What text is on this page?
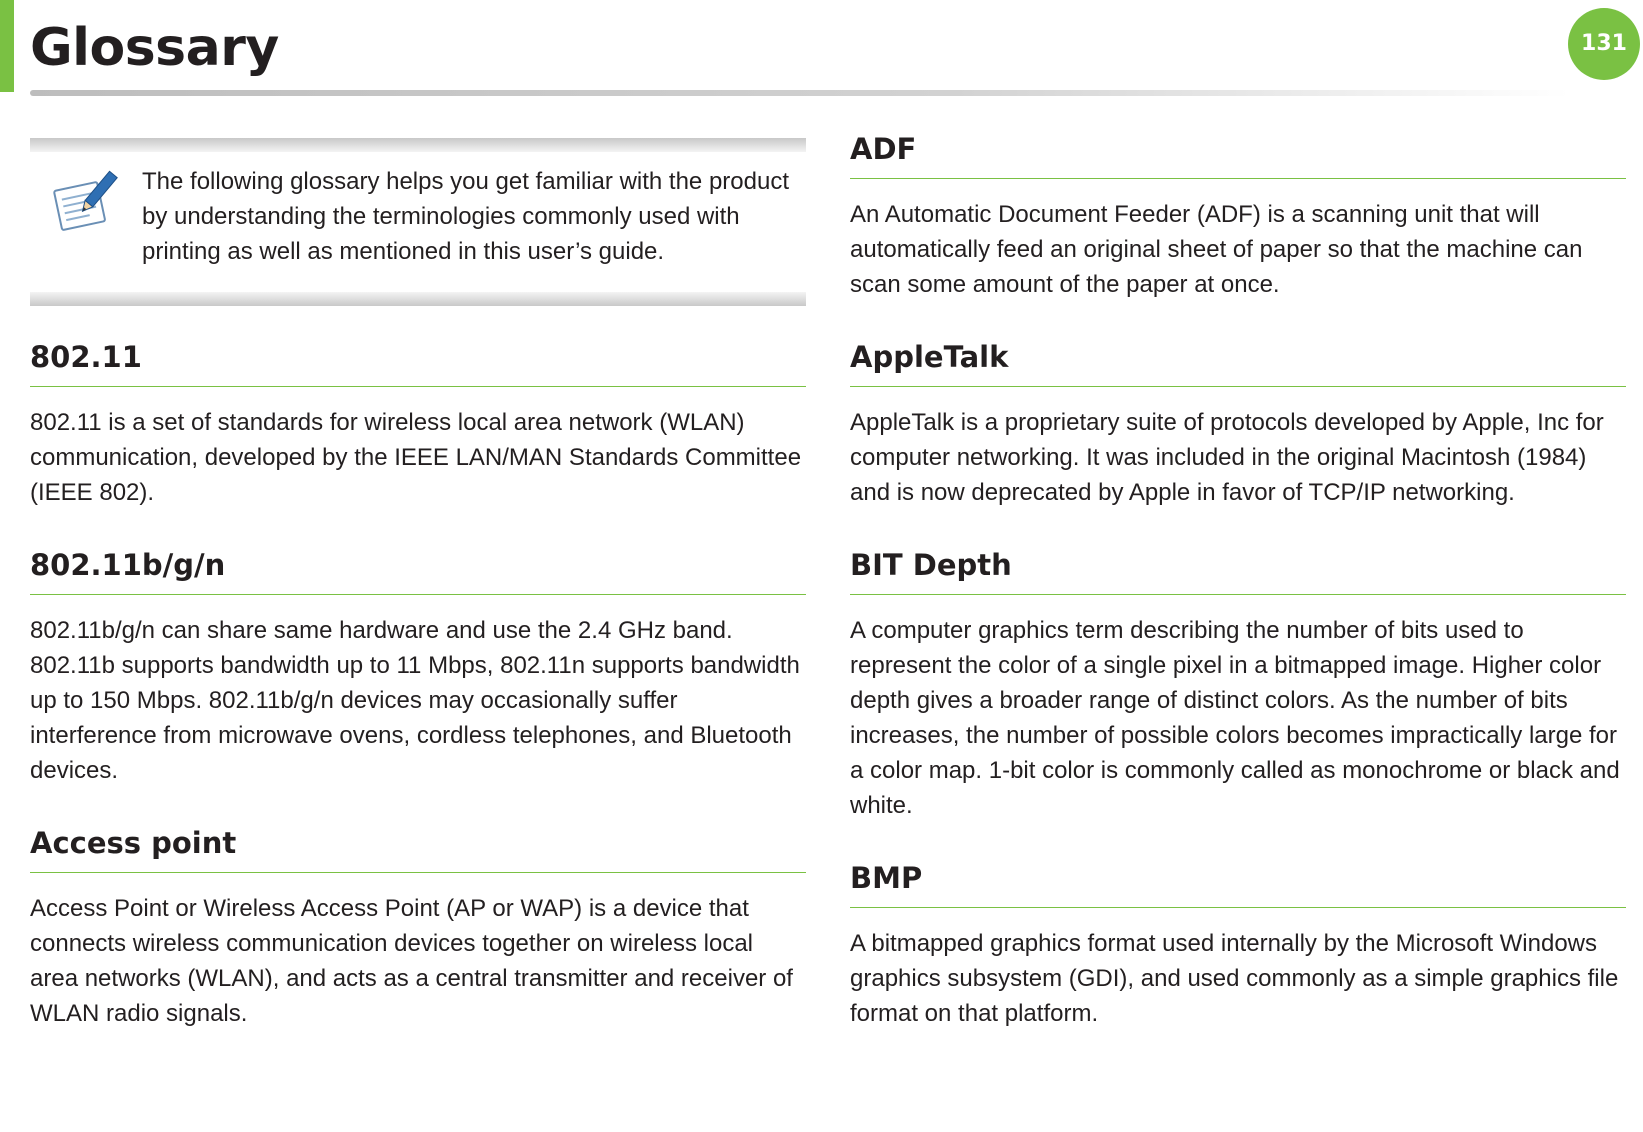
Glossary	131

The following glossary helps you get familiar with the product by understanding the terminologies commonly used with printing as well as mentioned in this user’s guide.

802.11

802.11 is a set of standards for wireless local area network (WLAN) communication, developed by the IEEE LAN/MAN Standards Committee (IEEE 802).

802.11b/g/n

802.11b/g/n can share same hardware and use the 2.4 GHz band. 802.11b supports bandwidth up to 11 Mbps, 802.11n supports bandwidth up to 150 Mbps. 802.11b/g/n devices may occasionally suffer interference from microwave ovens, cordless telephones, and Bluetooth devices.

Access point

Access Point or Wireless Access Point (AP or WAP) is a device that connects wireless communication devices together on wireless local area networks (WLAN), and acts as a central transmitter and receiver of WLAN radio signals.

ADF

An Automatic Document Feeder (ADF) is a scanning unit that will automatically feed an original sheet of paper so that the machine can scan some amount of the paper at once.

AppleTalk

AppleTalk is a proprietary suite of protocols developed by Apple, Inc for computer networking. It was included in the original Macintosh (1984) and is now deprecated by Apple in favor of TCP/IP networking.

BIT Depth

A computer graphics term describing the number of bits used to represent the color of a single pixel in a bitmapped image. Higher color depth gives a broader range of distinct colors. As the number of bits increases, the number of possible colors becomes impractically large for a color map. 1-bit color is commonly called as monochrome or black and white.

BMP

A bitmapped graphics format used internally by the Microsoft Windows graphics subsystem (GDI), and used commonly as a simple graphics file format on that platform.
